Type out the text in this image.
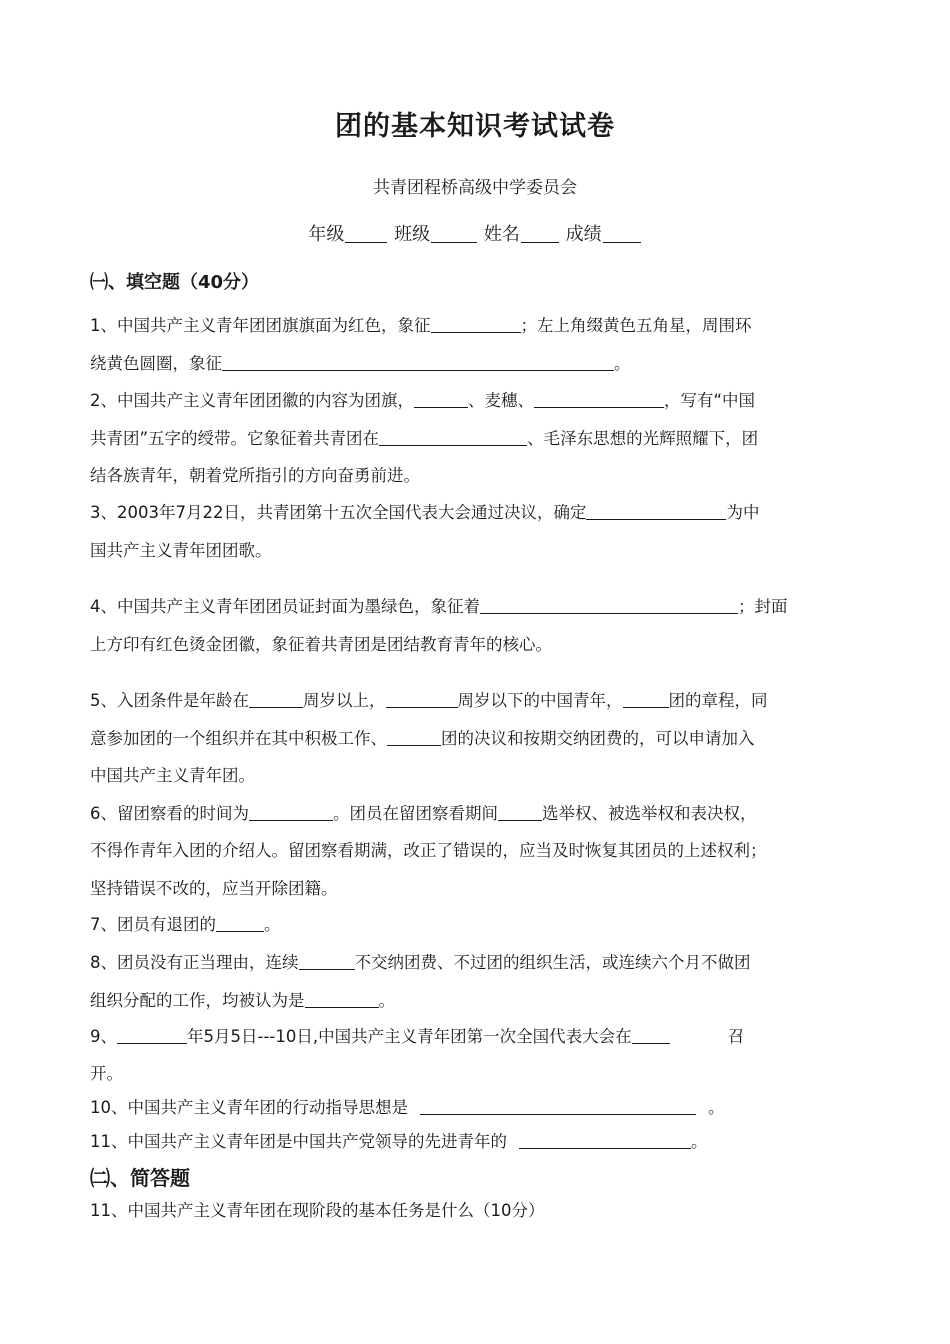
团的基本知识考试试卷
共青团程桥高级中学委员会
年级	班级	姓名	成绩
㈠、填空题（40分）
1、中国共产主义青年团团旗旗面为红色，象征	；左上角缀黄色五角星，周围环
绕黄色圆圈，象征	。
2、中国共产主义青年团团徽的内容为团旗，	、麦穗、	，写有“中国
共青团”五字的绶带。它象征着共青团在	、毛泽东思想的光辉照耀下，团
结各族青年，朝着党所指引的方向奋勇前进。
3、2003年7月22日，共青团第十五次全国代表大会通过决议，确定	为中
国共产主义青年团团歌。
4、中国共产主义青年团团员证封面为墨绿色，象征着	；封面
上方印有红色烫金团徽，象征着共青团是团结教育青年的核心。
5、入团条件是年龄在	周岁以上，	周岁以下的中国青年，	团的章程，同
意参加团的一个组织并在其中积极工作、	团的决议和按期交纳团费的，可以申请加入
中国共产主义青年团。
6、留团察看的时间为	。团员在留团察看期间	选举权、被选举权和表决权，
不得作青年入团的介绍人。留团察看期满，改正了错误的，应当及时恢复其团员的上述权利；
坚持错误不改的，应当开除团籍。
7、团员有退团的	。
8、团员没有正当理由，连续	不交纳团费、不过团的组织生活，或连续六个月不做团
组织分配的工作，均被认为是	。
9、	年5月5日---10日,中国共产主义青年团第一次全国代表大会在	召
开。
10、中国共产主义青年团的行动指导思想是	。
11、中国共产主义青年团是中国共产党领导的先进青年的	。
㈡、简答题
11、中国共产主义青年团在现阶段的基本任务是什么（10分）
